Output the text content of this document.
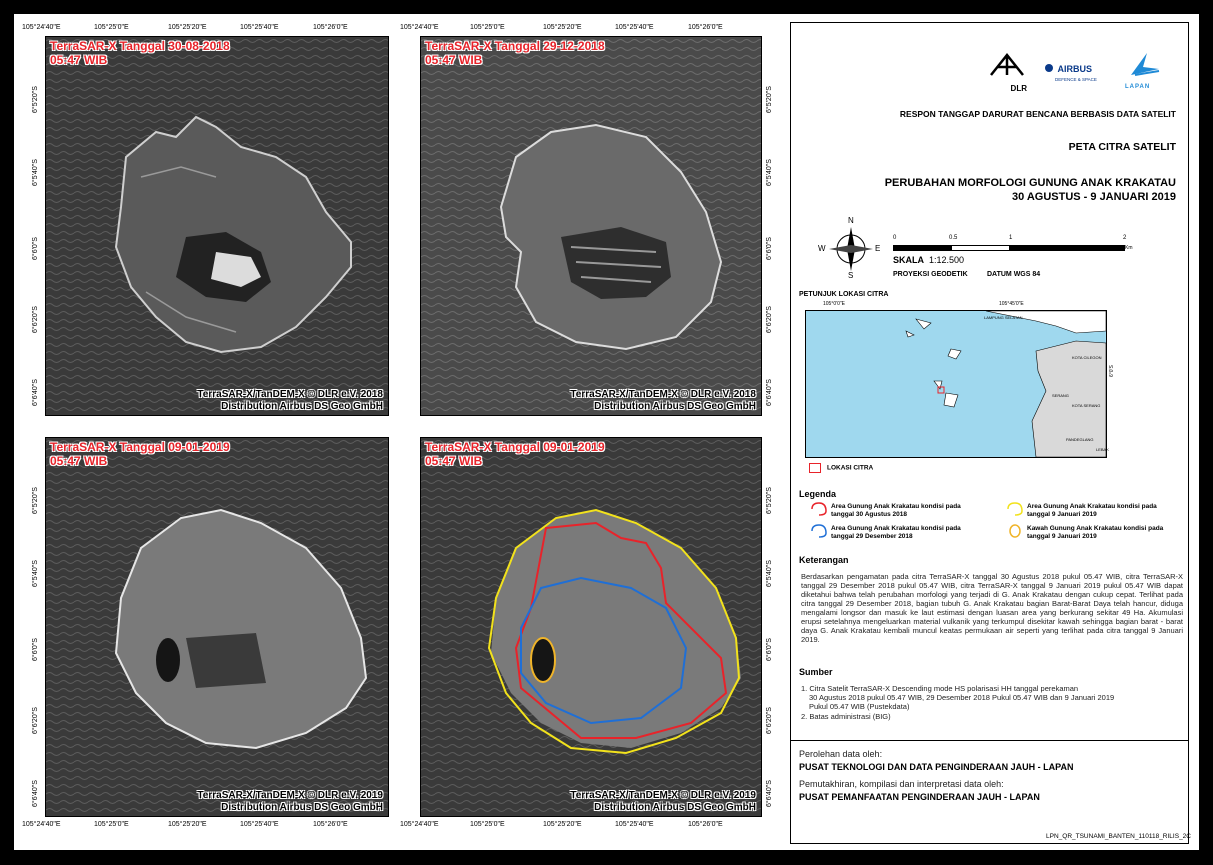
TerraSAR-X Tanggal 30-08-2018
05:47 WIB
TerraSAR-X/TanDEM-X © DLR e.V. 2018
Distribution Airbus DS Geo GmbH
TerraSAR-X Tanggal 29-12-2018
05:47 WIB
TerraSAR-X/TanDEM-X © DLR e.V. 2018
Distribution Airbus DS Geo GmbH
TerraSAR-X Tanggal 09-01-2019
05:47 WIB
TerraSAR-X/TanDEM-X © DLR e.V. 2019
Distribution Airbus DS Geo GmbH
TerraSAR-X Tanggal 09-01-2019
05:47 WIB
TerraSAR-X/TanDEM-X © DLR e.V. 2019
Distribution Airbus DS Geo GmbH
105°24'40"E	105°25'0"E	105°25'20"E	105°25'40"E	105°26'0"E	105°24'40"E	105°25'0"E	105°25'20"E	105°25'40"E	105°26'0"E
105°24'40"E	105°25'0"E	105°25'20"E	105°25'40"E	105°26'0"E	105°24'40"E	105°25'0"E	105°25'20"E	105°25'40"E	105°26'0"E
6°5'20"S
6°5'40"S
6°6'0"S
6°6'20"S
6°6'40"S
6°5'20"S
6°5'40"S
6°6'0"S
6°6'20"S
6°6'40"S
6°5'20"S
6°5'40"S
6°6'0"S
6°6'20"S
6°6'40"S
6°5'20"S
6°5'40"S
6°6'0"S
6°6'20"S
6°6'40"S
DLR
AIRBUS
DEFENCE & SPACE
LAPAN
RESPON TANGGAP DARURAT BENCANA BERBASIS DATA SATELIT
PETA CITRA SATELIT
PERUBAHAN MORFOLOGI GUNUNG ANAK KRAKATAU
30 AGUSTUS - 9 JANUARI 2019
N
S
E
W
0	0.5	1	2
Km
SKALA 1:12.500
PROYEKSI GEODETIK	DATUM WGS 84
PETUNJUK LOKASI CITRA
105°0'0"E	105°45'0"E
LAMPUNG SELATAN
KOTA CILEGON
SERANG
KOTA SERANG
PANDEGLANG
LEBAK
6°0'S
LOKASI CITRA
Legenda
Area Gunung Anak Krakatau kondisi pada tanggal 30 Agustus 2018
Area Gunung Anak Krakatau kondisi pada tanggal 9 Januari 2019
Area Gunung Anak Krakatau kondisi pada tanggal 29 Desember 2018
Kawah Gunung Anak Krakatau kondisi pada tanggal 9 Januari 2019
Keterangan
Berdasarkan pengamatan pada citra TerraSAR-X tanggal 30 Agustus 2018 pukul 05.47 WIB, citra TerraSAR-X tanggal 29 Desember 2018 pukul 05.47 WIB, citra TerraSAR-X tanggal 9 Januari 2019 pukul 05.47 WIB dapat diketahui bahwa telah perubahan morfologi yang terjadi di G. Anak Krakatau dengan cukup cepat. Terlihat pada citra tanggal 29 Desember 2018, bagian tubuh G. Anak Krakatau bagian Barat-Barat Daya telah hancur, diduga mengalami longsor dan masuk ke laut estimasi dengan luasan area yang berkurang sekitar 49 Ha. Akumulasi erupsi setelahnya mengeluarkan material vulkanik yang terkumpul disekitar kawah sehingga bagian barat - barat daya G. Anak Krakatau kembali muncul keatas permukaan air seperti yang terlihat pada citra tanggal 9 Januari 2019.
Sumber
1. Citra Satelit TerraSAR-X Descending mode HS polarisasi HH tanggal perekaman
30 Agustus 2018 pukul 05.47 WIB, 29 Desember 2018 Pukul 05.47 WIB dan 9 Januari 2019
Pukul 05.47 WIB (Pustekdata)
2. Batas administrasi (BIG)
Perolehan data oleh:
PUSAT TEKNOLOGI DAN DATA PENGINDERAAN JAUH - LAPAN
Pemutakhiran, kompilasi dan interpretasi data oleh:
PUSAT PEMANFAATAN PENGINDERAAN JAUH - LAPAN
LPN_QR_TSUNAMI_BANTEN_110118_RILIS_2C
